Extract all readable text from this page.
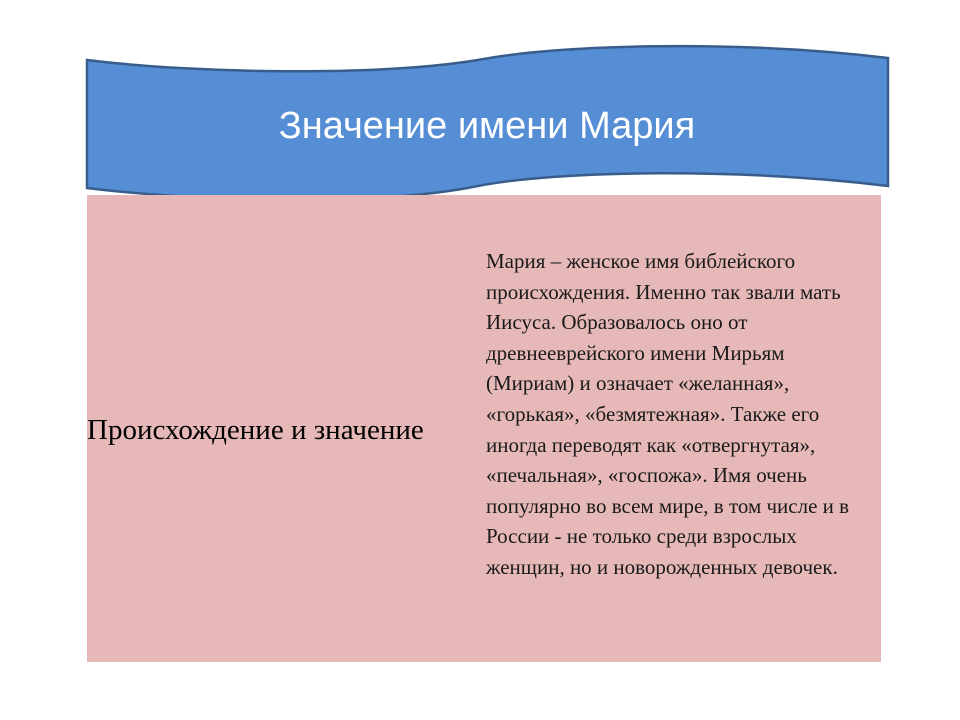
Значение имени Мария
Происхождение и значение
Мария – женское имя библейского происхождения. Именно так звали мать Иисуса. Образовалось оно от древнееврейского имени Мирьям (Мириам) и означает «желанная», «горькая», «безмятежная». Также его иногда переводят как «отвергнутая», «печальная», «госпожа». Имя очень популярно во всем мире, в том числе и в России - не только среди взрослых женщин, но и новорожденных девочек.
